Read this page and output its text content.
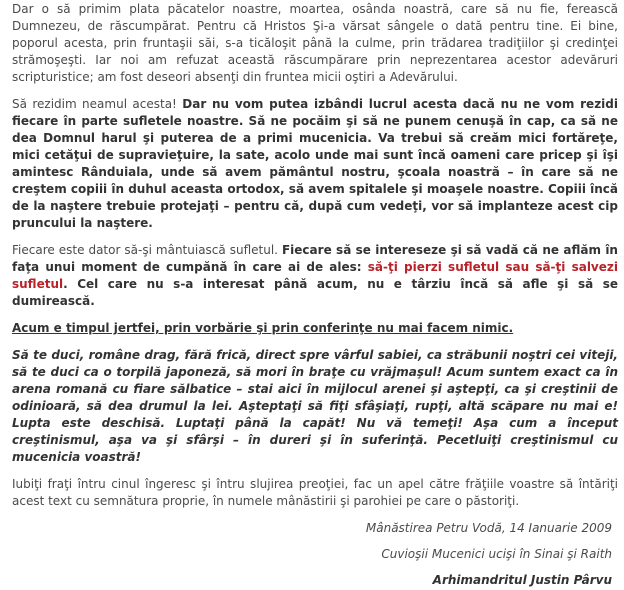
Dar o să primim plata păcatelor noastre, moartea, osânda noastră, care să nu fie, ferească Dumnezeu, de răscumpărat. Pentru că Hristos Şi-a vărsat sângele o dată pentru tine. Ei bine, poporul acesta, prin fruntaşii săi, s-a ticăloşit până la culme, prin trădarea tradiţiilor şi credinţei strămoşeşti. Iar noi am refuzat această răscumpărare prin neprezentarea acestor adevăruri scripturistice; am fost deseori absenţi din fruntea micii oştiri a Adevărului.

Să rezidim neamul acesta! Dar nu vom putea izbândi lucrul acesta dacă nu ne vom rezidi fiecare în parte sufletele noastre. Să ne pocăim şi să ne punem cenuşă în cap, ca să ne dea Domnul harul şi puterea de a primi mucenicia. Va trebui să creăm mici fortăreţe, mici cetăţui de supravieţuire, la sate, acolo unde mai sunt încă oameni care pricep şi îşi amintesc Rânduiala, unde să avem pământul nostru, şcoala noastră – în care să ne creştem copiii în duhul aceasta ortodox, să avem spitalele şi moaşele noastre. Copiii încă de la naştere trebuie protejaţi – pentru că, după cum vedeţi, vor să implanteze acest cip pruncului la naştere.

Fiecare este dator să-şi mântuiască sufletul. Fiecare să se intereseze şi să vadă că ne aflăm în faţa unui moment de cumpănă în care ai de ales: să-ţi pierzi sufletul sau să-ţi salvezi sufletul. Cel care nu s-a interesat până acum, nu e târziu încă să afle şi să se dumirească.

Acum e timpul jertfei, prin vorbărie şi prin conferinţe nu mai facem nimic.

Să te duci, române drag, fără frică, direct spre vârful sabiei, ca străbunii noştri cei viteji, să te duci ca o torpilă japoneză, să mori în braţe cu vrăjmaşul! Acum suntem exact ca în arena romană cu fiare sălbatice – stai aici în mijlocul arenei şi aştepţi, ca şi creştinii de odinioară, să dea drumul la lei. Aşteptaţi să fiţi sfâşiaţi, rupţi, altă scăpare nu mai e! Lupta este deschisă. Luptaţi până la capăt! Nu vă temeţi! Aşa cum a început creştinismul, aşa va şi sfârşi – în dureri şi în suferinţă. Pecetluiţi creştinismul cu mucenicia voastră!

Iubiţi fraţi întru cinul îngeresc şi întru slujirea preoţiei, fac un apel către frăţiile voastre să întăriţi acest text cu semnătura proprie, în numele mânăstirii şi parohiei pe care o păstoriţi.

Mânăstirea Petru Vodă, 14 Ianuarie 2009

Cuvioşii Mucenici ucişi în Sinai şi Raith

Arhimandritul Justin Pârvu
